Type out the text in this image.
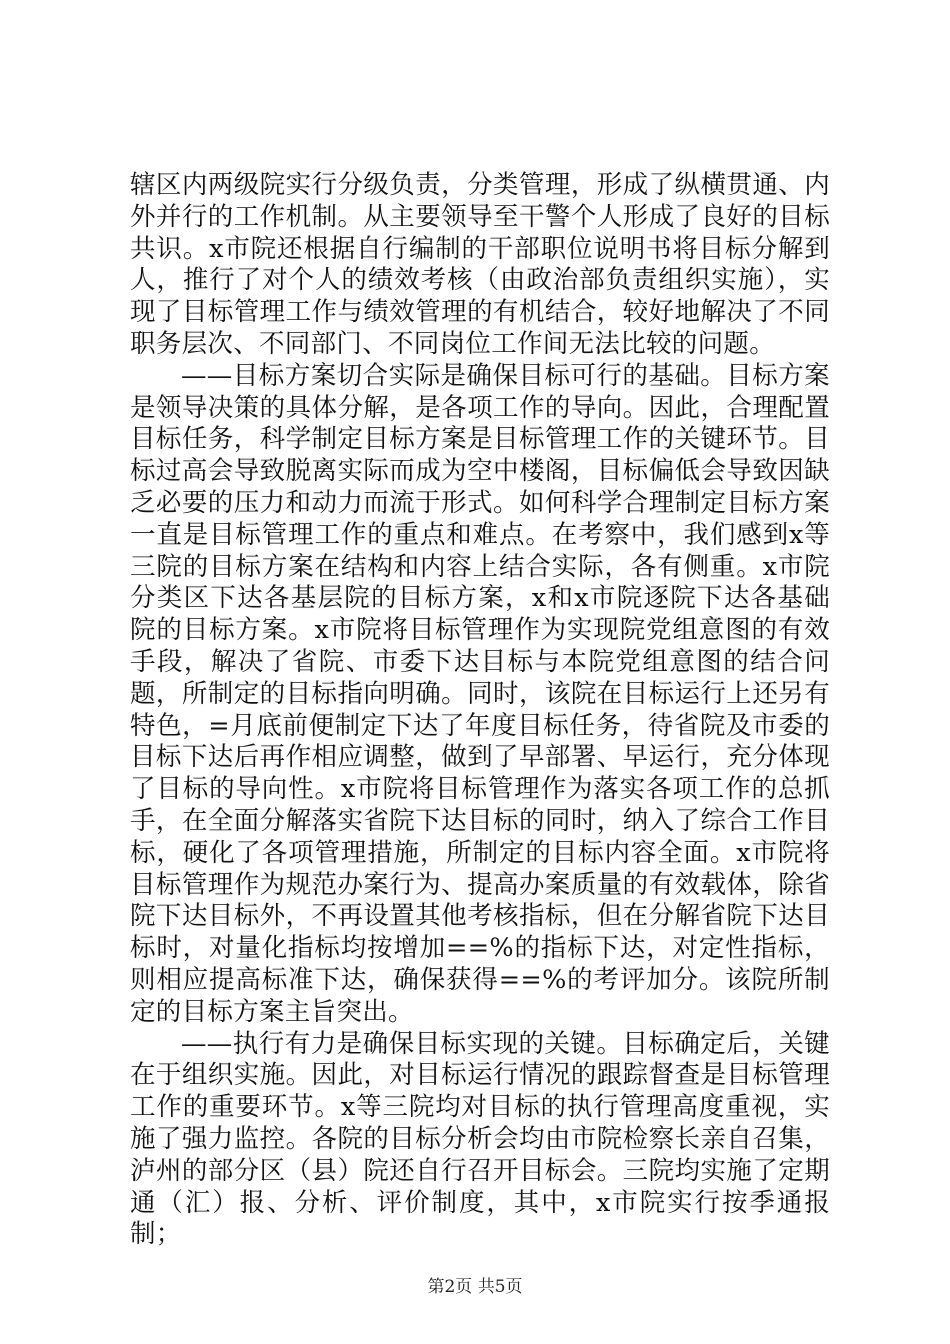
辖区内两级院实行分级负责，分类管理，形成了纵横贯通、内外并行的工作机制。从主要领导至干警个人形成了良好的目标共识。x市院还根据自行编制的干部职位说明书将目标分解到人，推行了对个人的绩效考核（由政治部负责组织实施），实现了目标管理工作与绩效管理的有机结合，较好地解决了不同职务层次、不同部门、不同岗位工作间无法比较的问题。

——目标方案切合实际是确保目标可行的基础。目标方案是领导决策的具体分解，是各项工作的导向。因此，合理配置目标任务，科学制定目标方案是目标管理工作的关键环节。目标过高会导致脱离实际而成为空中楼阁，目标偏低会导致因缺乏必要的压力和动力而流于形式。如何科学合理制定目标方案一直是目标管理工作的重点和难点。在考察中，我们感到x等三院的目标方案在结构和内容上结合实际，各有侧重。x市院分类区下达各基层院的目标方案，x和x市院逐院下达各基础院的目标方案。x市院将目标管理作为实现院党组意图的有效手段，解决了省院、市委下达目标与本院党组意图的结合问题，所制定的目标指向明确。同时，该院在目标运行上还另有特色，=月底前便制定下达了年度目标任务，待省院及市委的目标下达后再作相应调整，做到了早部署、早运行，充分体现了目标的导向性。x市院将目标管理作为落实各项工作的总抓手，在全面分解落实省院下达目标的同时，纳入了综合工作目标，硬化了各项管理措施，所制定的目标内容全面。x市院将目标管理作为规范办案行为、提高办案质量的有效载体，除省院下达目标外，不再设置其他考核指标，但在分解省院下达目标时，对量化指标均按增加==%的指标下达，对定性指标，则相应提高标准下达，确保获得==%的考评加分。该院所制定的目标方案主旨突出。

——执行有力是确保目标实现的关键。目标确定后，关键在于组织实施。因此，对目标运行情况的跟踪督查是目标管理工作的重要环节。x等三院均对目标的执行管理高度重视，实施了强力监控。各院的目标分析会均由市院检察长亲自召集，泸州的部分区（县）院还自行召开目标会。三院均实施了定期通（汇）报、分析、评价制度，其中，x市院实行按季通报制；

第2页 共5页
